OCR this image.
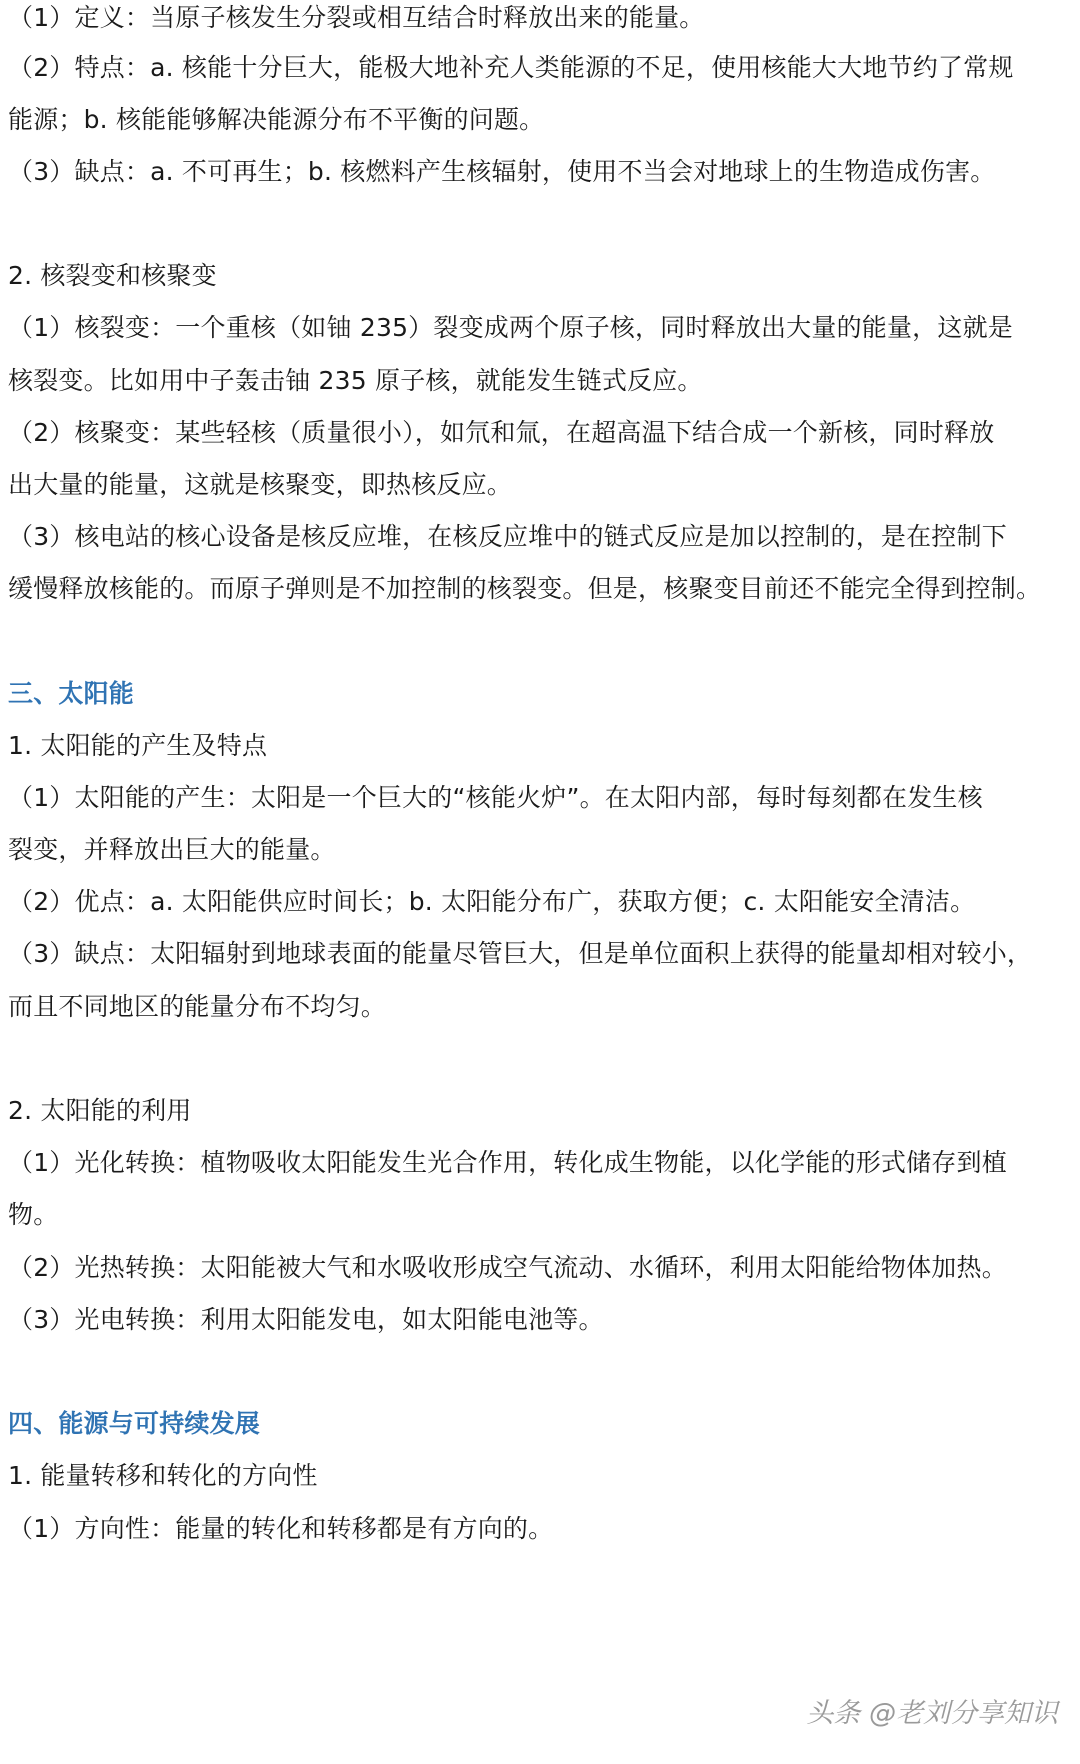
（1）定义：当原子核发生分裂或相互结合时释放出来的能量。
（2）特点：a. 核能十分巨大，能极大地补充人类能源的不足，使用核能大大地节约了常规
能源；b. 核能能够解决能源分布不平衡的问题。
（3）缺点：a. 不可再生；b. 核燃料产生核辐射，使用不当会对地球上的生物造成伤害。
2. 核裂变和核聚变
（1）核裂变：一个重核（如铀 235）裂变成两个原子核，同时释放出大量的能量，这就是
核裂变。比如用中子轰击铀 235 原子核，就能发生链式反应。
（2）核聚变：某些轻核（质量很小），如氘和氚，在超高温下结合成一个新核，同时释放
出大量的能量，这就是核聚变，即热核反应。
（3）核电站的核心设备是核反应堆，在核反应堆中的链式反应是加以控制的，是在控制下
缓慢释放核能的。而原子弹则是不加控制的核裂变。但是，核聚变目前还不能完全得到控制。
三、太阳能
1. 太阳能的产生及特点
（1）太阳能的产生：太阳是一个巨大的“核能火炉”。在太阳内部，每时每刻都在发生核
裂变，并释放出巨大的能量。
（2）优点：a. 太阳能供应时间长；b. 太阳能分布广，获取方便；c. 太阳能安全清洁。
（3）缺点：太阳辐射到地球表面的能量尽管巨大，但是单位面积上获得的能量却相对较小，
而且不同地区的能量分布不均匀。
2. 太阳能的利用
（1）光化转换：植物吸收太阳能发生光合作用，转化成生物能，以化学能的形式储存到植
物。
（2）光热转换：太阳能被大气和水吸收形成空气流动、水循环，利用太阳能给物体加热。
（3）光电转换：利用太阳能发电，如太阳能电池等。
四、能源与可持续发展
1. 能量转移和转化的方向性
（1）方向性：能量的转化和转移都是有方向的。
头条 @老刘分享知识
